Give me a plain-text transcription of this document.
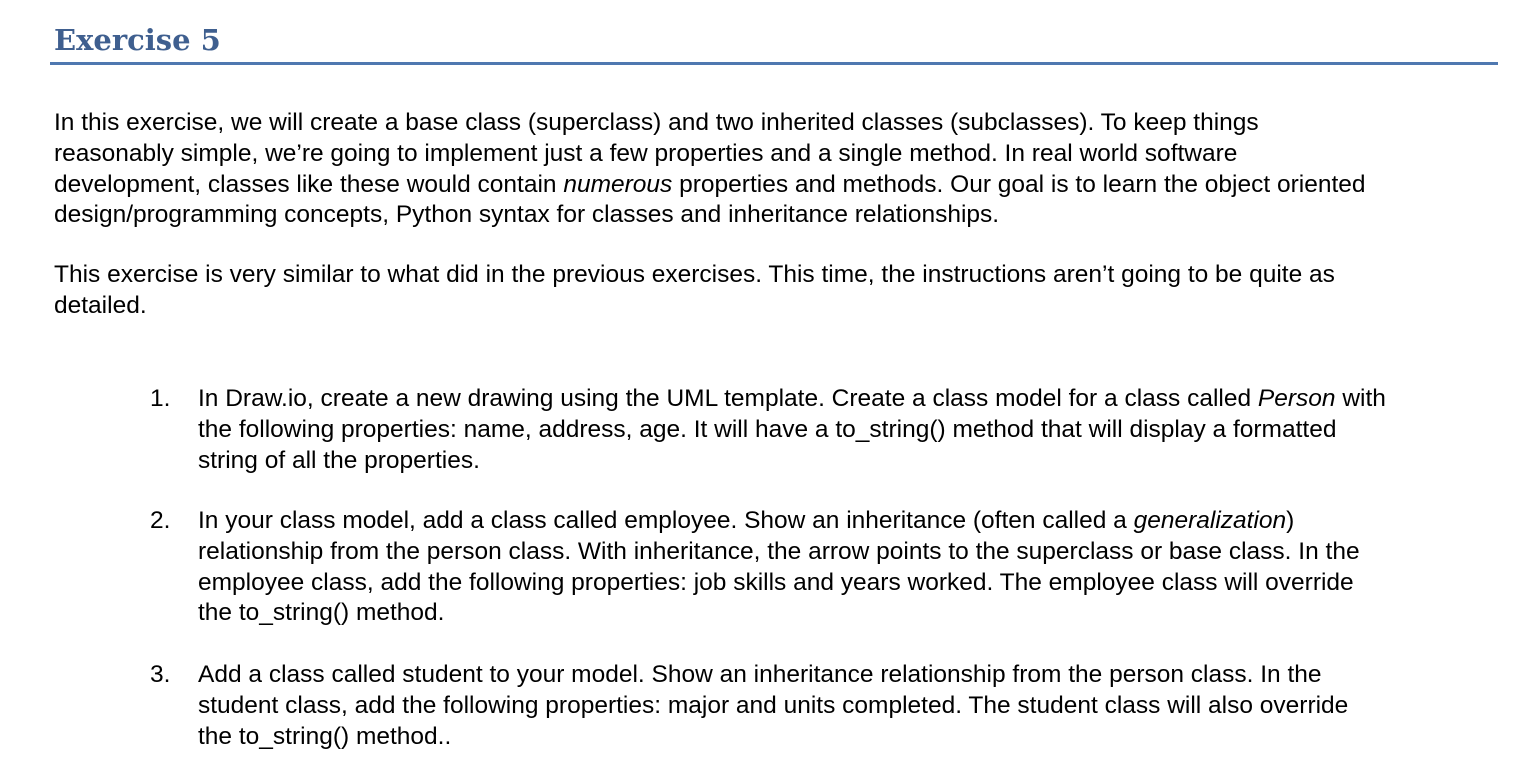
Exercise 5

In this exercise, we will create a base class (superclass) and two inherited classes (subclasses). To keep things
reasonably simple, we’re going to implement just a few properties and a single method. In real world software
development, classes like these would contain numerous properties and methods. Our goal is to learn the object oriented
design/programming concepts, Python syntax for classes and inheritance relationships.

This exercise is very similar to what did in the previous exercises. This time, the instructions aren’t going to be quite as
detailed.

1. In Draw.io, create a new drawing using the UML template. Create a class model for a class called Person with
the following properties: name, address, age. It will have a to_string() method that will display a formatted
string of all the properties.
2. In your class model, add a class called employee. Show an inheritance (often called a generalization)
relationship from the person class. With inheritance, the arrow points to the superclass or base class. In the
employee class, add the following properties: job skills and years worked. The employee class will override
the to_string() method.
3. Add a class called student to your model. Show an inheritance relationship from the person class. In the
student class, add the following properties: major and units completed. The student class will also override
the to_string() method..
